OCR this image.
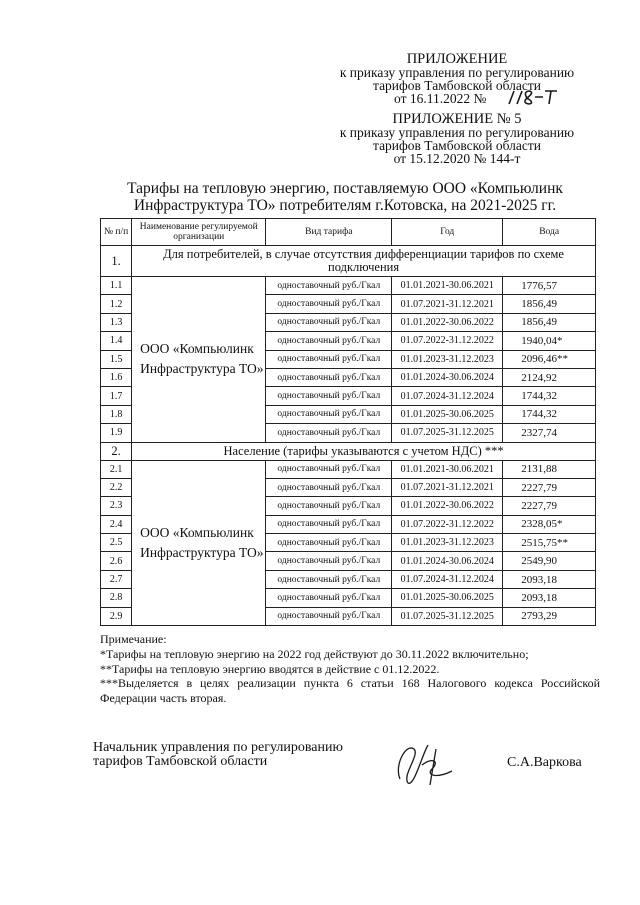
ПРИЛОЖЕНИЕ
к приказу управления по регулированию
тарифов Тамбовской области
от 16.11.2022 №
ПРИЛОЖЕНИЕ № 5
к приказу управления по регулированию
тарифов Тамбовской области
от 15.12.2020 № 144-т
Тарифы на тепловую энергию, поставляемую ООО «Компьюлинк
Инфраструктура ТО» потребителям г.Котовска, на 2021-2025 гг.
№ п/п	Наименование регулируемой организации	Вид тарифа	Год	Вода
1.	Для потребителей, в случае отсутствия дифференциации тарифов по схеме подключения			
1.1	ООО «Компьюлинк Инфраструктура ТО»	одноставочный руб./Гкал	01.01.2021-30.06.2021	1776,57
1.2		одноставочный руб./Гкал	01.07.2021-31.12.2021	1856,49
1.3		одноставочный руб./Гкал	01.01.2022-30.06.2022	1856,49
1.4		одноставочный руб./Гкал	01.07.2022-31.12.2022	1940,04*
1.5		одноставочный руб./Гкал	01.01.2023-31.12.2023	2096,46**
1.6		одноставочный руб./Гкал	01.01.2024-30.06.2024	2124,92
1.7		одноставочный руб./Гкал	01.07.2024-31.12.2024	1744,32
1.8		одноставочный руб./Гкал	01.01.2025-30.06.2025	1744,32
1.9		одноставочный руб./Гкал	01.07.2025-31.12.2025	2327,74
2.	Население (тарифы указываются с учетом НДС) ***			
2.1	ООО «Компьюлинк Инфраструктура ТО»	одноставочный руб./Гкал	01.01.2021-30.06.2021	2131,88
2.2		одноставочный руб./Гкал	01.07.2021-31.12.2021	2227,79
2.3		одноставочный руб./Гкал	01.01.2022-30.06.2022	2227,79
2.4		одноставочный руб./Гкал	01.07.2022-31.12.2022	2328,05*
2.5		одноставочный руб./Гкал	01.01.2023-31.12.2023	2515,75**
2.6		одноставочный руб./Гкал	01.01.2024-30.06.2024	2549,90
2.7		одноставочный руб./Гкал	01.07.2024-31.12.2024	2093,18
2.8		одноставочный руб./Гкал	01.01.2025-30.06.2025	2093,18
2.9		одноставочный руб./Гкал	01.07.2025-31.12.2025	2793,29

Примечание:

*Тарифы на тепловую энергию на 2022 год действуют до 30.11.2022 включительно;

**Тарифы на тепловую энергию вводятся в действие с 01.12.2022.

***Выделяется в целях реализации пункта 6 статьи 168 Налогового кодекса Российской Федерации часть вторая.

Начальник управления по регулированию
тарифов Тамбовской области	С.А.Варкова
